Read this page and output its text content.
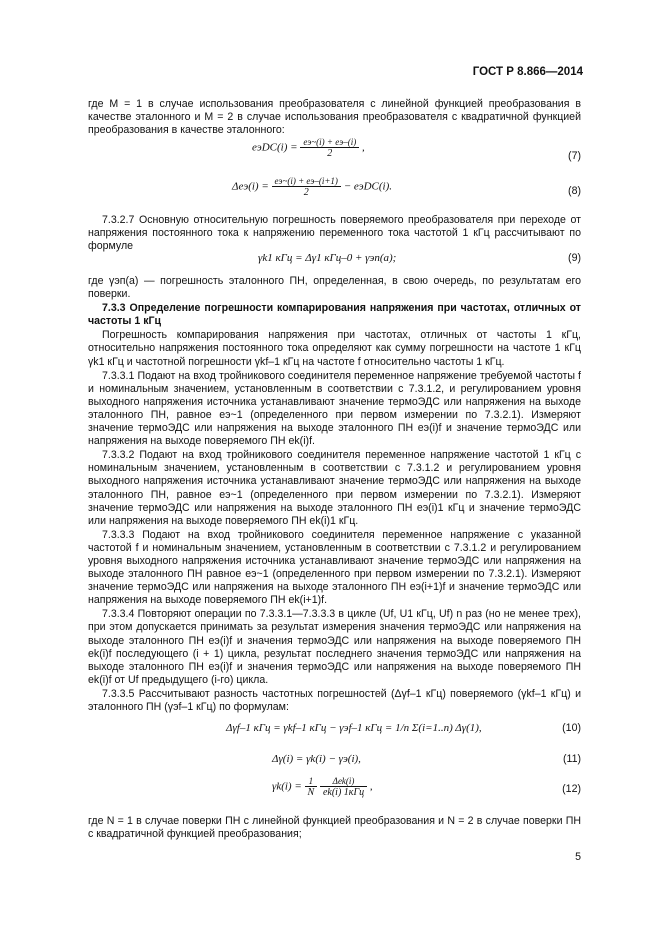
ГОСТ Р 8.866—2014

где M = 1 в случае использования преобразователя с линейной функцией преобразования в качестве эталонного и M = 2 в случае использования преобразователя с квадратичной функцией преобразования в качестве эталонного:

eэDC(i) = $\frac{eэ\sim(i) + eэ-(i)}{2}$ ,
(7)
$\Delta eэ(i) = \frac{eэ\sim(i) + eэ-(i+1)}{2}$ − eэDC(i).	(8)

7.3.2.7 Основную относительную погрешность поверяемого преобразователя при переходе от напряжения постоянного тока к напряжению переменного тока частотой 1 кГц рассчитывают по формуле

γk1 кГц = Δγ1 кГц–0 + γэп(а);	(9)

где γэп(а) — погрешность эталонного ПН, определенная, в свою очередь, по результатам его поверки.

7.3.3 Определение погрешности компарирования напряжения при частотах, отличных от частоты 1 кГц

Погрешность компарирования напряжения при частотах, отличных от частоты 1 кГц, относительно напряжения постоянного тока определяют как сумму погрешности на частоте 1 кГц γk1 кГц и частотной погрешности γkf–1 кГц на частоте f относительно частоты 1 кГц.

7.3.3.1 Подают на вход тройникового соединителя переменное напряжение требуемой частоты f и номинальным значением, установленным в соответствии с 7.3.1.2, и регулированием уровня выходного напряжения источника устанавливают значение термоЭДС или напряжения на выходе эталонного ПН, равное eэ~1 (определенного при первом измерении по 7.3.2.1). Измеряют значение термоЭДС или напряжения на выходе эталонного ПН eэ(i)f и значение термоЭДС или напряжения на выходе поверяемого ПН ek(i)f.

7.3.3.2 Подают на вход тройникового соединителя переменное напряжение частотой 1 кГц с номинальным значением, установленным в соответствии с 7.3.1.2 и регулированием уровня выходного напряжения источника устанавливают значение термоЭДС или напряжения на выходе эталонного ПН, равное eэ~1 (определенного при первом измерении по 7.3.2.1). Измеряют значение термоЭДС или напряжения на выходе эталонного ПН eэ(i)1 кГц и значение термоЭДС или напряжения на выходе поверяемого ПН ek(i)1 кГц.

7.3.3.3 Подают на вход тройникового соединителя переменное напряжение с указанной частотой f и номинальным значением, установленным в соответствии с 7.3.1.2 и регулированием уровня выходного напряжения источника устанавливают значение термоЭДС или напряжения на выходе эталонного ПН равное eэ~1 (определенного при первом измерении по 7.3.2.1). Измеряют значение термоЭДС или напряжения на выходе эталонного ПН eэ(i+1)f и значение термоЭДС или напряжения на выходе поверяемого ПН ek(i+1)f.

7.3.3.4 Повторяют операции по 7.3.3.1—7.3.3.3 в цикле (Uf, U1 кГц, Uf) n раз (но не менее трех), при этом допускается принимать за результат измерения значения термоЭДС или напряжения на выходе эталонного ПН eэ(i)f и значения термоЭДС или напряжения на выходе поверяемого ПН ek(i)f последующего (i + 1) цикла, результат последнего значения термоЭДС или напряжения на выходе эталонного ПН eэ(i)f и значения термоЭДС или напряжения на выходе поверяемого ПН ek(i)f от Uf предыдущего (i-го) цикла.

7.3.3.5 Рассчитывают разность частотных погрешностей (Δγf–1 кГц) поверяемого (γkf–1 кГц) и эталонного ПН (γэf–1 кГц) по формулам:

Δγf–1 кГц = γkf–1 кГц − γэf–1 кГц = 1/n Σ(i=1..n) Δγ(1),	(10)
Δγ(i) = γk(i) − γэ(i),	(11)
$\gamma k(i) = \frac{1}{N}$
$\frac{\text{Δek(i)}}{\text{ek(i) 1кГц}}$ ,	(12)

где N = 1 в случае поверки ПН с линейной функцией преобразования и N = 2 в случае поверки ПН с квадратичной функцией преобразования;

5
